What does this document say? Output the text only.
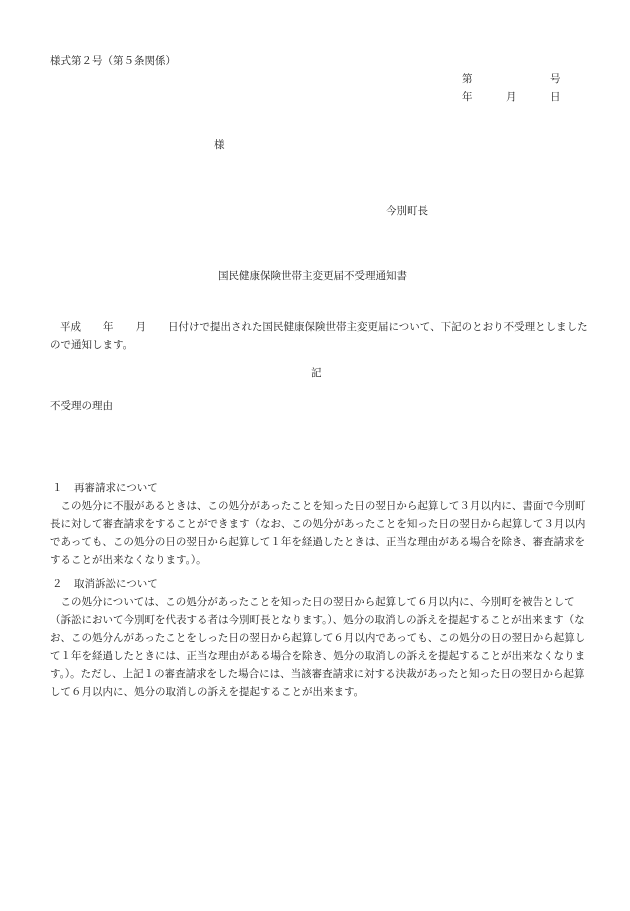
様式第２号（第５条関係）
第	号
年	月	日
様
今別町長
国民健康保険世帯主変更届不受理通知書
平成 年 月 日付けで提出された国民健康保険世帯主変更届について、下記のとおり不受理としましたので通知します。
記
不受理の理由
１ 再審請求について
この処分に不服があるときは、この処分があったことを知った日の翌日から起算して３月以内に、書面で今別町長に対して審査請求をすることができます（なお、この処分があったことを知った日の翌日から起算して３月以内であっても、この処分の日の翌日から起算して１年を経過したときは、正当な理由がある場合を除き、審査請求をすることが出来なくなります。）。
２ 取消訴訟について
この処分については、この処分があったことを知った日の翌日から起算して６月以内に、今別町を被告として（訴訟において今別町を代表する者は今別町長となります。）、処分の取消しの訴えを提起することが出来ます（なお、この処分んがあったことをしった日の翌日から起算して６月以内であっても、この処分の日の翌日から起算して１年を経過したときには、正当な理由がある場合を除き、処分の取消しの訴えを提起することが出来なくなります。）。ただし、上記１の審査請求をした場合には、当該審査請求に対する決裁があったと知った日の翌日から起算して６月以内に、処分の取消しの訴えを提起することが出来ます。
